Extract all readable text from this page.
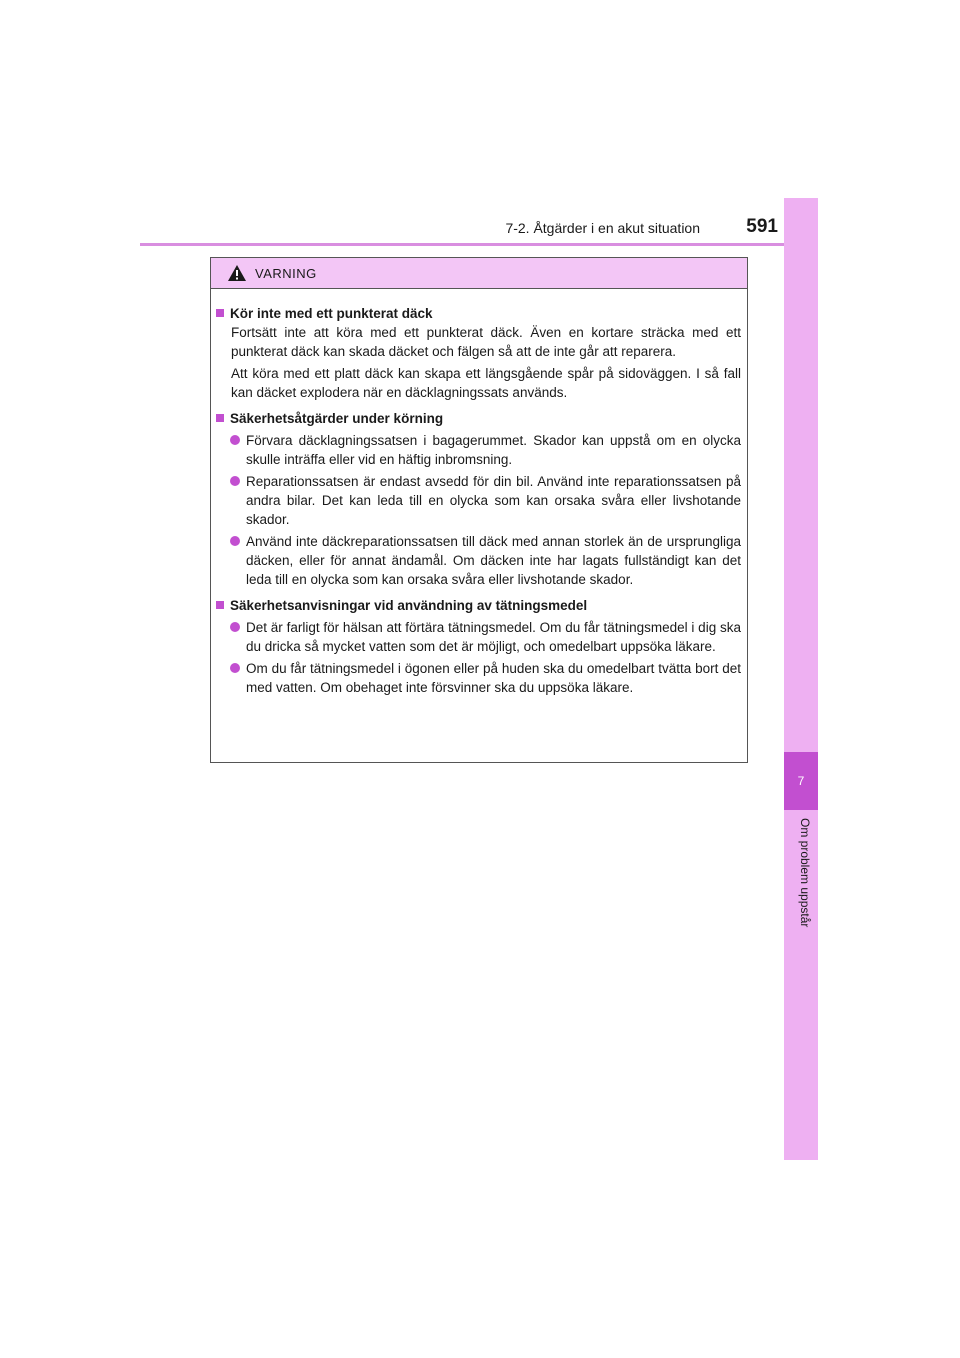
7-2. Åtgärder i en akut situation	591
7
Om problem uppstår
VARNING
Kör inte med ett punkterat däck

Fortsätt inte att köra med ett punkterat däck. Även en kortare sträcka med ett punkterat däck kan skada däcket och fälgen så att de inte går att reparera.

Att köra med ett platt däck kan skapa ett längsgående spår på sidoväggen. I så fall kan däcket explodera när en däcklagningssats används.

Säkerhetsåtgärder under körning
Förvara däcklagningssatsen i bagagerummet. Skador kan uppstå om en olycka skulle inträffa eller vid en häftig inbromsning.
Reparationssatsen är endast avsedd för din bil. Använd inte reparationssatsen på andra bilar. Det kan leda till en olycka som kan orsaka svåra eller livshotande skador.
Använd inte däckreparationssatsen till däck med annan storlek än de ursprungliga däcken, eller för annat ändamål. Om däcken inte har lagats fullständigt kan det leda till en olycka som kan orsaka svåra eller livshotande skador.
Säkerhetsanvisningar vid användning av tätningsmedel
Det är farligt för hälsan att förtära tätningsmedel. Om du får tätningsmedel i dig ska du dricka så mycket vatten som det är möjligt, och omedelbart uppsöka läkare.
Om du får tätningsmedel i ögonen eller på huden ska du omedelbart tvätta bort det med vatten. Om obehaget inte försvinner ska du uppsöka läkare.
